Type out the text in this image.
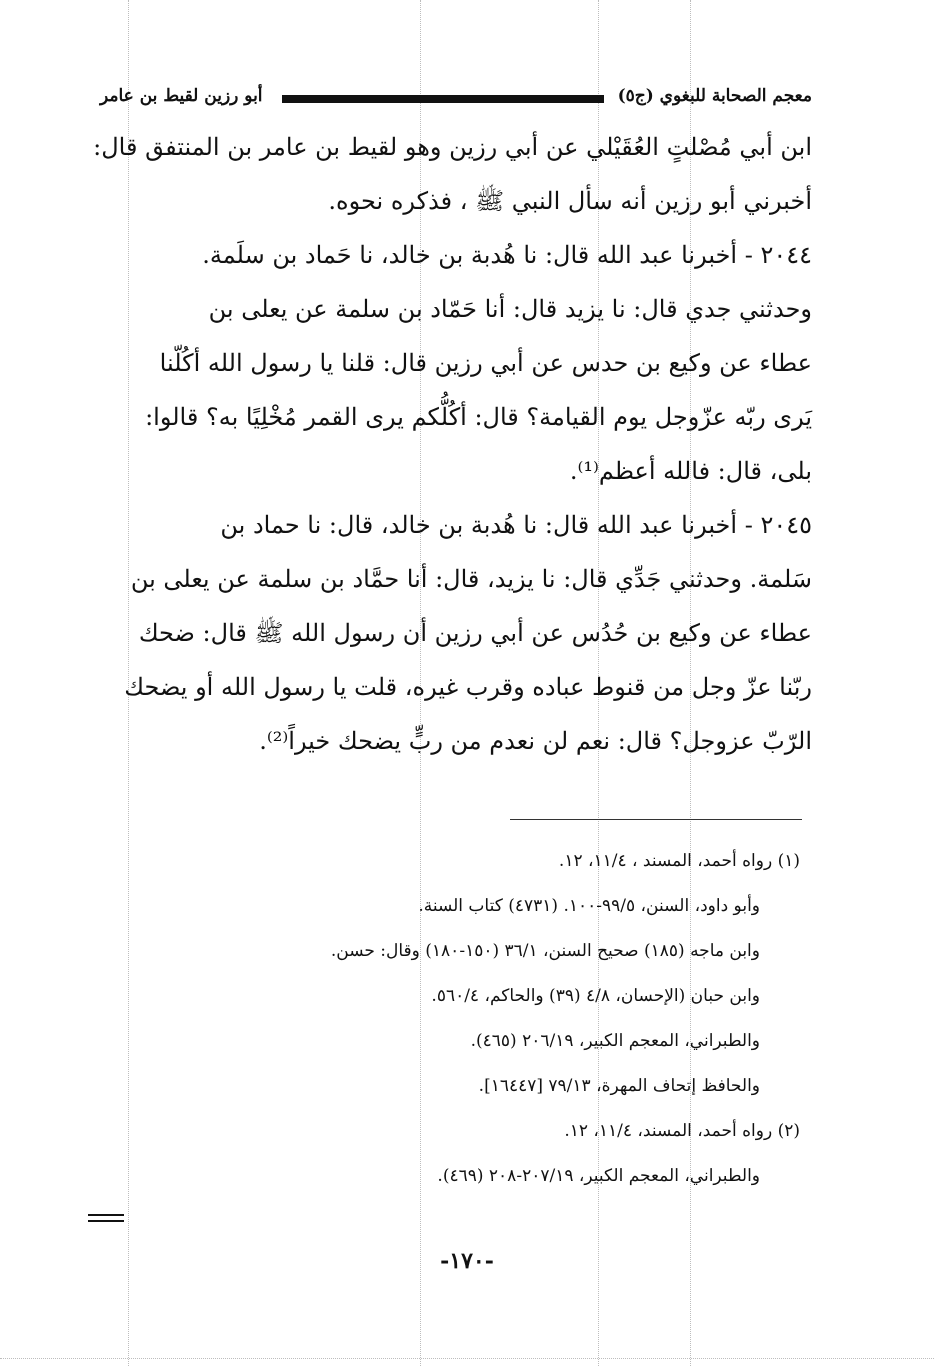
معجم الصحابة للبغوي (ج٥)
أبو رزين لقيط بن عامر
ابن أبي مُصْلتٍ العُقَيْلي عن أبي رزين وهو لقيط بن عامر بن المنتفق قال:
أخبرني أبو رزين أنه سأل النبي ﷺ ، فذكره نحوه.
٢٠٤٤ - أخبرنا عبد الله قال: نا هُدبة بن خالد، نا حَماد بن سلَمة.
وحدثني جدي قال: نا يزيد قال: أنا حَمّاد بن سلمة عن يعلى بن
عطاء عن وكيع بن حدس عن أبي رزين قال: قلنا يا رسول الله أكُلّنا
يَرى ربّه عزّوجل يوم القيامة؟ قال: أكُلُّكم يرى القمر مُخْلِيًا به؟ قالوا:
بلى، قال: فالله أعظم⁽¹⁾.
٢٠٤٥ - أخبرنا عبد الله قال: نا هُدبة بن خالد، قال: نا حماد بن
سَلمة. وحدثني جَدِّي قال: نا يزيد، قال: أنا حمَّاد بن سلمة عن يعلى بن
عطاء عن وكيع بن حُدُس عن أبي رزين أن رسول الله ﷺ قال: ضحك
ربّنا عزّ وجل من قنوط عباده وقرب غيره، قلت يا رسول الله أو يضحك
الرّبّ عزوجل؟ قال: نعم لن نعدم من ربٍّ يضحك خيراً⁽²⁾.
(١) رواه أحمد، المسند ، ١١/٤، ١٢.
وأبو داود، السنن، ٩٩/٥-١٠٠. (٤٧٣١) كتاب السنة.
وابن ماجه (١٨٥) صحيح السنن، ٣٦/١ (١٥٠-١٨٠) وقال: حسن.
وابن حبان (الإحسان، ٤/٨ (٣٩) والحاكم، ٥٦٠/٤.
والطبراني، المعجم الكبير، ٢٠٦/١٩ (٤٦٥).
والحافظ إتحاف المهرة، ٧٩/١٣ [١٦٤٤٧].
(٢) رواه أحمد، المسند، ١١/٤، ١٢.
والطبراني، المعجم الكبير، ٢٠٧/١٩-٢٠٨ (٤٦٩).
-١٧٠-
